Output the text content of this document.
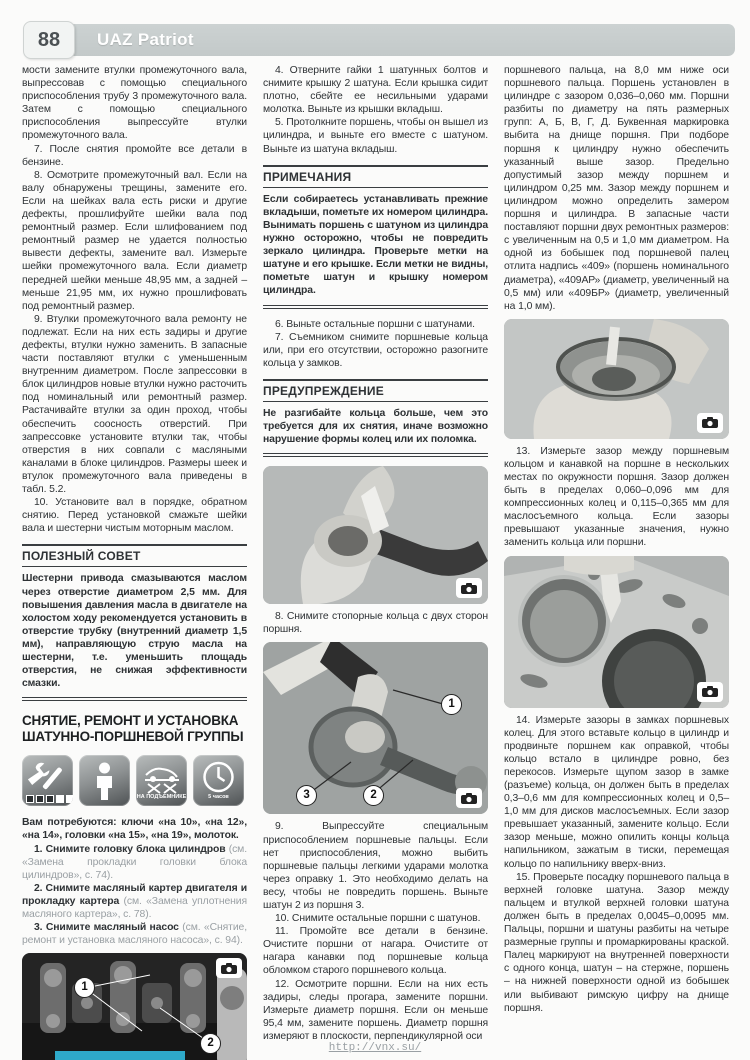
88	UAZ Patriot

мости замените втулки промежуточного вала, выпрессовав с помощью специального приспособления трубу 3 промежуточного вала. Затем с помощью специального приспособления выпрессуйте втулки промежуточного вала.

7. После снятия промойте все детали в бензине.

8. Осмотрите промежуточный вал. Если на валу обнаружены трещины, замените его. Если на шейках вала есть риски и другие дефекты, прошлифуйте шейки вала под ремонтный размер. Если шлифованием под ремонтный размер не удается полностью вывести дефекты, замените вал. Измерьте шейки промежуточного вала. Если диаметр передней шейки меньше 48,95 мм, а задней – меньше 21,95 мм, их нужно прошлифовать под ремонтный размер.

9. Втулки промежуточного вала ремонту не подлежат. Если на них есть задиры и другие дефекты, втулки нужно заменить. В запасные части поставляют втулки с уменьшенным внутренним диаметром. После запрессовки в блок цилиндров новые втулки нужно расточить под номинальный или ремонтный размер. Растачивайте втулки за один проход, чтобы обеспечить соосность отверстий. При запрессовке установите втулки так, чтобы отверстия в них совпали с масляными каналами в блоке цилиндров. Размеры шеек и втулок промежуточного вала приведены в табл. 5.2.

10. Установите вал в порядке, обратном снятию. Перед установкой смажьте шейки вала и шестерни чистым моторным маслом.

ПОЛЕЗНЫЙ СОВЕТ
Шестерни привода смазываются маслом через отверстие диаметром 2,5 мм. Для повышения давления масла в двигателе на холостом ходу рекомендуется установить в отверстие трубку (внутренний диаметр 1,5 мм), направляющую струю масла на шестерни, т.е. уменьшить площадь отверстия, не снижая эффективности смазки.
СНЯТИЕ, РЕМОНТ И УСТАНОВКА ШАТУННО-ПОРШНЕВОЙ ГРУППЫ
НА ПОДЪЕМНИКЕ	5 часов

Вам потребуются: ключи «на 10», «на 12», «на 14», головки «на 15», «на 19», молоток.

1. Снимите головку блока цилиндров (см. «Замена прокладки головки блока цилиндров», с. 74).

2. Снимите масляный картер двигателя и прокладку картера (см. «Замена уплотнения масляного картера», с. 78).

3. Снимите масляный насос (см. «Снятие, ремонт и установка масляного насоса», с. 94).

1
2

4. Отверните гайки 1 шатунных болтов и снимите крышку 2 шатуна. Если крышка сидит плотно, сбейте ее несильными ударами молотка. Выньте из крышки вкладыш.

5. Протолкните поршень, чтобы он вышел из цилиндра, и выньте его вместе с шатуном. Выньте из шатуна вкладыш.

ПРИМЕЧАНИЯ
Если собираетесь устанавливать прежние вкладыши, пометьте их номером цилиндра. Вынимать поршень с шатуном из цилиндра нужно осторожно, чтобы не повредить зеркало цилиндра. Проверьте метки на шатуне и его крышке. Если метки не видны, пометьте шатун и крышку номером цилиндра.

6. Выньте остальные поршни с шатунами.

7. Съемником снимите поршневые кольца или, при его отсутствии, осторожно разогните кольца у замков.

ПРЕДУПРЕЖДЕНИЕ
Не разгибайте кольца больше, чем это требуется для их снятия, иначе возможно нарушение формы колец или их поломка.

8. Снимите стопорные кольца с двух сторон поршня.

1
2
3

9. Выпрессуйте специальным приспособлением поршневые пальцы. Если нет приспособления, можно выбить поршневые пальцы легкими ударами молотка через оправку 1. Это необходимо делать на весу, чтобы не повредить поршень. Выньте шатун 2 из поршня 3.

10. Снимите остальные поршни с шатунов.

11. Промойте все детали в бензине. Очистите поршни от нагара. Очистите от нагара канавки под поршневые кольца обломком старого поршневого кольца.

12. Осмотрите поршни. Если на них есть задиры, следы прогара, замените поршни. Измерьте диаметр поршня. Если он меньше 95,4 мм, замените поршень. Диаметр поршня измеряют в плоскости, перпендикулярной оси

поршневого пальца, на 8,0 мм ниже оси поршневого пальца. Поршень установлен в цилиндре с зазором 0,036–0,060 мм. Поршни разбиты по диаметру на пять размерных групп: А, Б, В, Г, Д. Буквенная маркировка выбита на днище поршня. При подборе поршня к цилиндру нужно обеспечить указанный выше зазор. Предельно допустимый зазор между поршнем и цилиндром 0,25 мм. Зазор между поршнем и цилиндром можно определить замером поршня и цилиндра. В запасные части поставляют поршни двух ремонтных размеров: с увеличенным на 0,5 и 1,0 мм диаметром. На одной из бобышек под поршневой палец отлита надпись «409» (поршень номинального диаметра), «409АР» (диаметр, увеличенный на 0,5 мм) или «409БР» (диаметр, увеличенный на 1,0 мм).

13. Измерьте зазор между поршневым кольцом и канавкой на поршне в нескольких местах по окружности поршня. Зазор должен быть в пределах 0,060–0,096 мм для компрессионных колец и 0,115–0,365 мм для маслосъемного кольца. Если зазоры превышают указанные значения, нужно заменить кольца или поршни.

14. Измерьте зазоры в замках поршневых колец. Для этого вставьте кольцо в цилиндр и продвиньте поршнем как оправкой, чтобы кольцо встало в цилиндре ровно, без перекосов. Измерьте щупом зазор в замке (разъеме) кольца, он должен быть в пределах 0,3–0,6 мм для компрессионных колец и 0,5–1,0 мм для дисков маслосъемных. Если зазор превышает указанный, замените кольцо. Если зазор меньше, можно опилить концы кольца напильником, зажатым в тиски, перемещая кольцо по напильнику вверх-вниз.

15. Проверьте посадку поршневого пальца в верхней головке шатуна. Зазор между пальцем и втулкой верхней головки шатуна должен быть в пределах 0,0045–0,0095 мм. Пальцы, поршни и шатуны разбиты на четыре размерные группы и промаркированы краской. Палец маркируют на внутренней поверхности с одного конца, шатун – на стержне, поршень – на нижней поверхности одной из бобышек или выбивают римскую цифру на днище поршня.

http://vnx.su/
